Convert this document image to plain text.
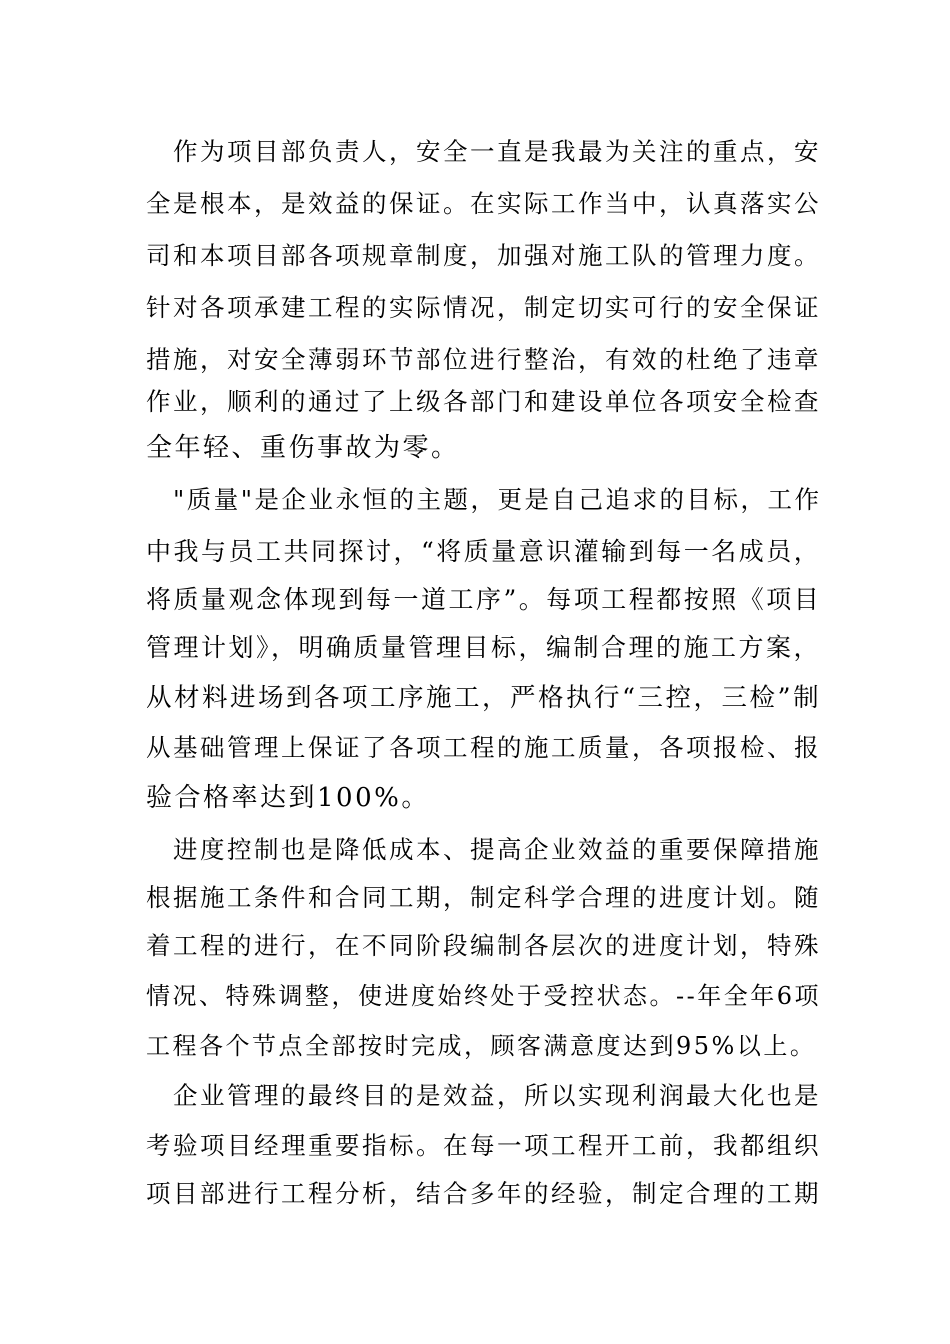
　作为项目部负责人，安全一直是我最为关注的重点，安
全是根本，是效益的保证。在实际工作当中，认真落实公
司和本项目部各项规章制度，加强对施工队的管理力度。
针对各项承建工程的实际情况，制定切实可行的安全保证
措施，对安全薄弱环节部位进行整治，有效的杜绝了违章
作业，顺利的通过了上级各部门和建设单位各项安全检查
全年轻、重伤事故为零。
　"质量"是企业永恒的主题，更是自己追求的目标，工作
中我与员工共同探讨，“将质量意识灌输到每一名成员，
将质量观念体现到每一道工序”。每项工程都按照《项目
管理计划》，明确质量管理目标，编制合理的施工方案，
从材料进场到各项工序施工，严格执行“三控，三检”制
从基础管理上保证了各项工程的施工质量，各项报检、报
验合格率达到100%。
　进度控制也是降低成本、提高企业效益的重要保障措施
根据施工条件和合同工期，制定科学合理的进度计划。随
着工程的进行，在不同阶段编制各层次的进度计划，特殊
情况、特殊调整，使进度始终处于受控状态。--年全年6项
工程各个节点全部按时完成，顾客满意度达到95%以上。
　企业管理的最终目的是效益，所以实现利润最大化也是
考验项目经理重要指标。在每一项工程开工前，我都组织
项目部进行工程分析，结合多年的经验，制定合理的工期
